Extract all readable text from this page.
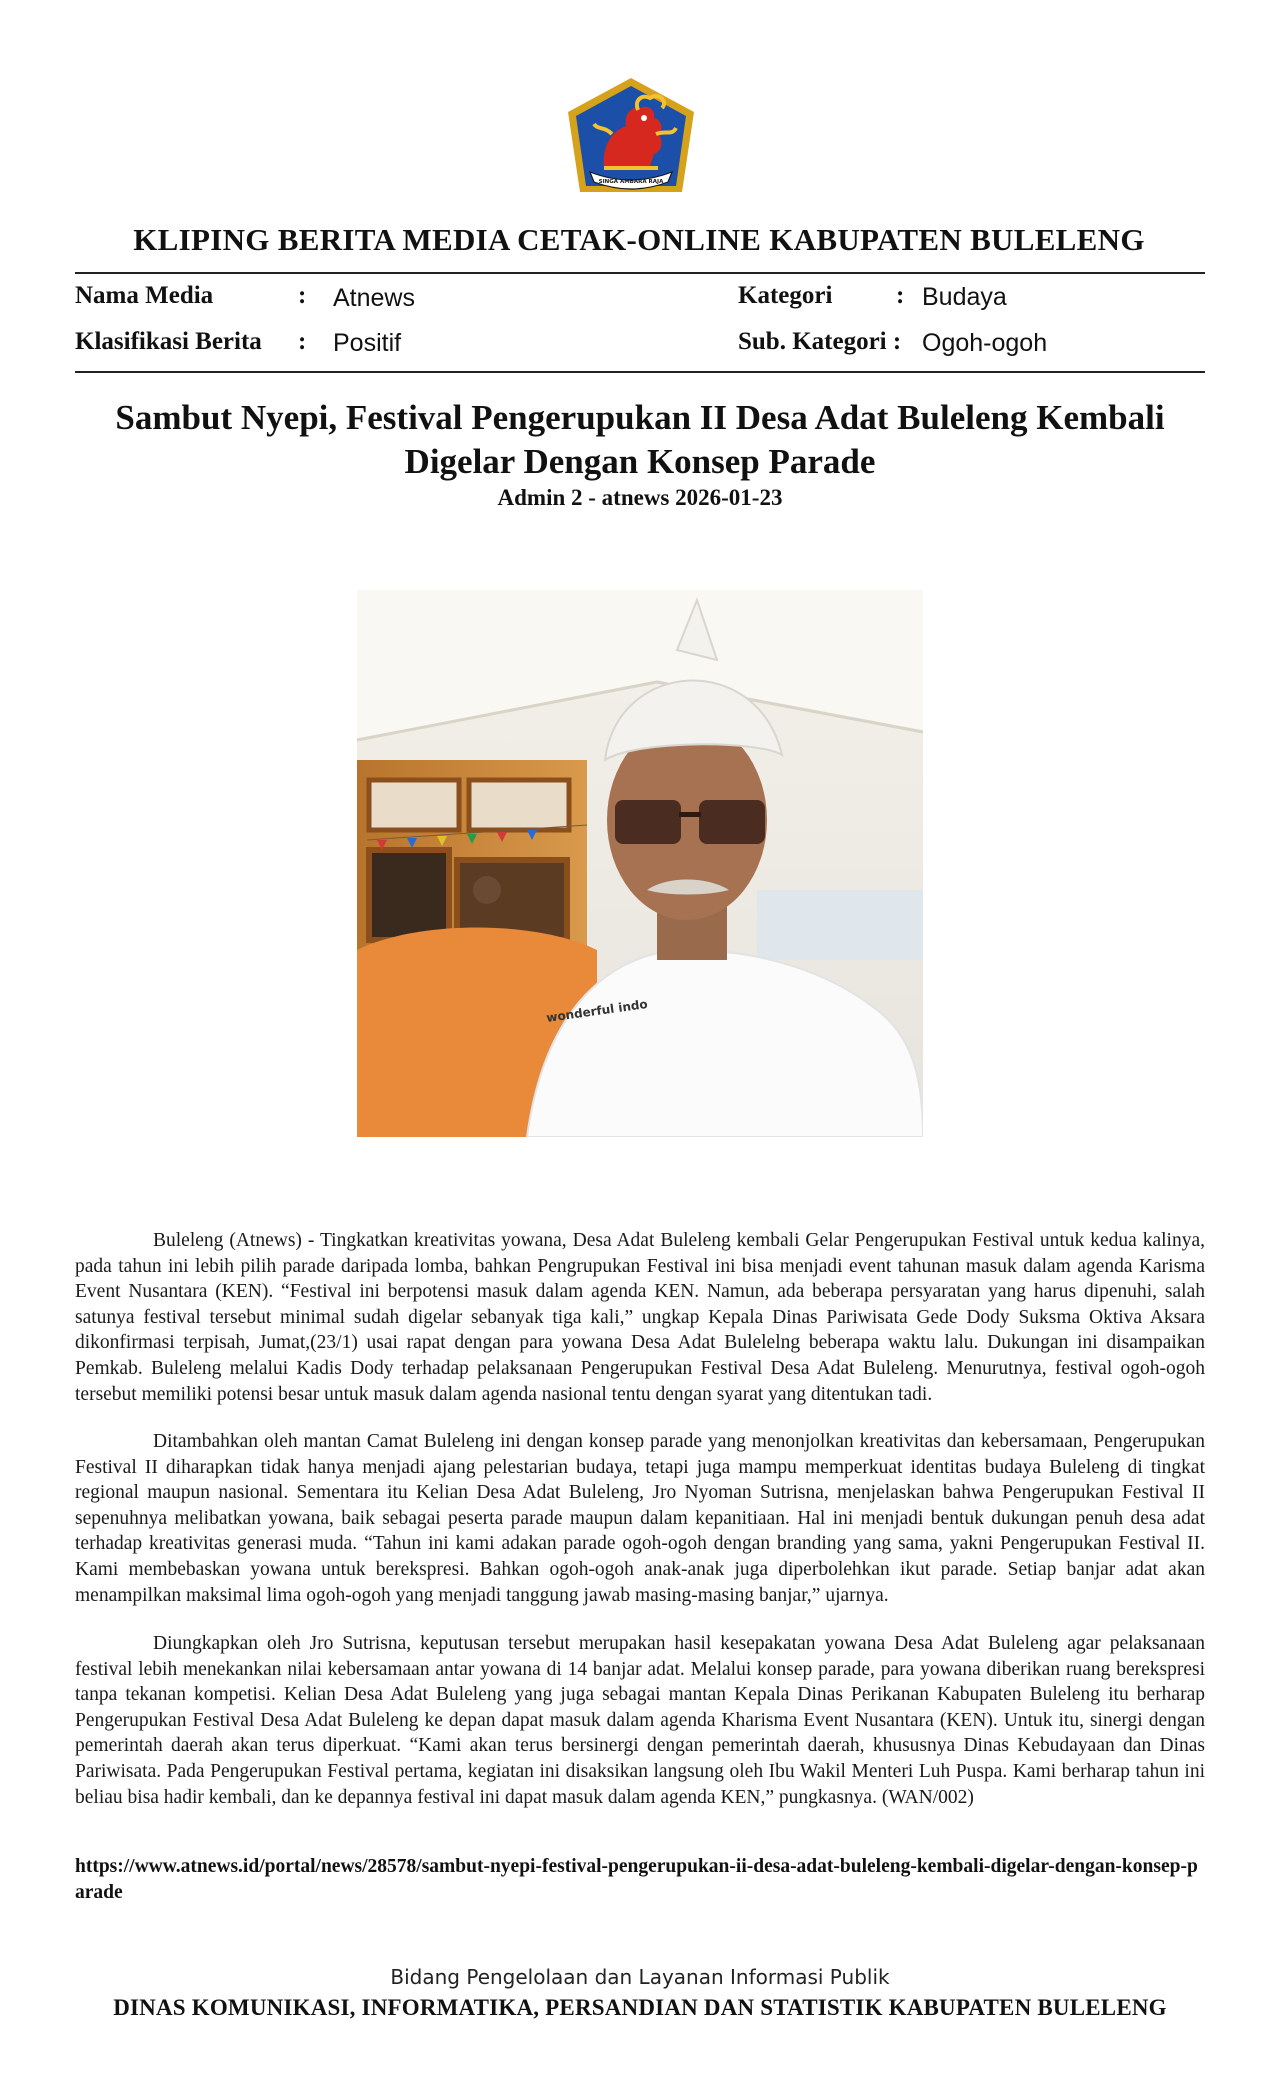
SINGA AMBARA RAJA
KLIPING BERITA MEDIA CETAK-ONLINE KABUPATEN BULELENG
Nama Media	: Atnews	Kategori	: Budaya
Klasifikasi Berita : Positif	Sub. Kategori : Ogoh-ogoh
Sambut Nyepi, Festival Pengerupukan II Desa Adat Buleleng Kembali
Digelar Dengan Konsep Parade
Admin 2 - atnews 2026-01-23
wonderful indo

Buleleng (Atnews) - Tingkatkan kreativitas yowana, Desa Adat Buleleng kembali Gelar Pengerupukan Festival untuk kedua kalinya, pada tahun ini lebih pilih parade daripada lomba, bahkan Pengrupukan Festival ini bisa menjadi event tahunan masuk dalam agenda Karisma Event Nusantara (KEN). “Festival ini berpotensi masuk dalam agenda KEN. Namun, ada beberapa persyaratan yang harus dipenuhi, salah satunya festival tersebut minimal sudah digelar sebanyak tiga kali,” ungkap Kepala Dinas Pariwisata Gede Dody Suksma Oktiva Aksara dikonfirmasi terpisah, Jumat,(23/1) usai rapat dengan para yowana Desa Adat Bulelelng beberapa waktu lalu. Dukungan ini disampaikan Pemkab. Buleleng melalui Kadis Dody terhadap pelaksanaan Pengerupukan Festival Desa Adat Buleleng. Menurutnya, festival ogoh-ogoh tersebut memiliki potensi besar untuk masuk dalam agenda nasional tentu dengan syarat yang ditentukan tadi.

Ditambahkan oleh mantan Camat Buleleng ini dengan konsep parade yang menonjolkan kreativitas dan kebersamaan, Pengerupukan Festival II diharapkan tidak hanya menjadi ajang pelestarian budaya, tetapi juga mampu memperkuat identitas budaya Buleleng di tingkat regional maupun nasional. Sementara itu Kelian Desa Adat Buleleng, Jro Nyoman Sutrisna, menjelaskan bahwa Pengerupukan Festival II sepenuhnya melibatkan yowana, baik sebagai peserta parade maupun dalam kepanitiaan. Hal ini menjadi bentuk dukungan penuh desa adat terhadap kreativitas generasi muda. “Tahun ini kami adakan parade ogoh-ogoh dengan branding yang sama, yakni Pengerupukan Festival II. Kami membebaskan yowana untuk berekspresi. Bahkan ogoh-ogoh anak-anak juga diperbolehkan ikut parade. Setiap banjar adat akan menampilkan maksimal lima ogoh-ogoh yang menjadi tanggung jawab masing-masing banjar,” ujarnya.

Diungkapkan oleh Jro Sutrisna, keputusan tersebut merupakan hasil kesepakatan yowana Desa Adat Buleleng agar pelaksanaan festival lebih menekankan nilai kebersamaan antar yowana di 14 banjar adat. Melalui konsep parade, para yowana diberikan ruang berekspresi tanpa tekanan kompetisi. Kelian Desa Adat Buleleng yang juga sebagai mantan Kepala Dinas Perikanan Kabupaten Buleleng itu berharap Pengerupukan Festival Desa Adat Buleleng ke depan dapat masuk dalam agenda Kharisma Event Nusantara (KEN). Untuk itu, sinergi dengan pemerintah daerah akan terus diperkuat. “Kami akan terus bersinergi dengan pemerintah daerah, khususnya Dinas Kebudayaan dan Dinas Pariwisata. Pada Pengerupukan Festival pertama, kegiatan ini disaksikan langsung oleh Ibu Wakil Menteri Luh Puspa. Kami berharap tahun ini beliau bisa hadir kembali, dan ke depannya festival ini dapat masuk dalam agenda KEN,” pungkasnya. (WAN/002)

https://www.atnews.id/portal/news/28578/sambut-nyepi-festival-pengerupukan-ii-desa-adat-buleleng-kembali-digelar-dengan-konsep-parade
Bidang Pengelolaan dan Layanan Informasi Publik
DINAS KOMUNIKASI, INFORMATIKA, PERSANDIAN DAN STATISTIK KABUPATEN BULELENG
